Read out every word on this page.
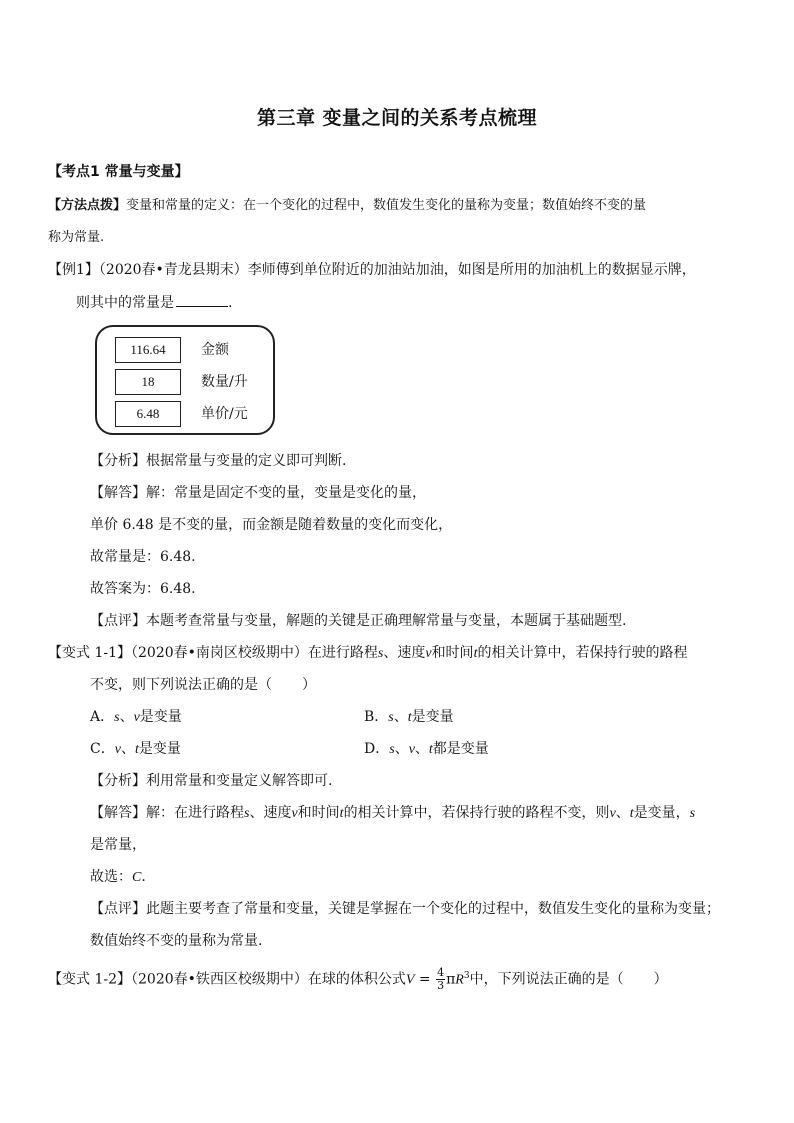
第三章 变量之间的关系考点梳理
【考点1 常量与变量】
【方法点拨】变量和常量的定义：在一个变化的过程中，数值发生变化的量称为变量；数值始终不变的量
称为常量.
【例1】（2020春•青龙县期末）李师傅到单位附近的加油站加油，如图是所用的加油机上的数据显示牌，
则其中的常量是	.
116.64	金额
18	数量/升
6.48	单价/元
【分析】根据常量与变量的定义即可判断.
【解答】解：常量是固定不变的量，变量是变化的量，
单价 6.48 是不变的量，而金额是随着数量的变化而变化，
故常量是：6.48.
故答案为：6.48.
【点评】本题考查常量与变量，解题的关键是正确理解常量与变量，本题属于基础题型.
【变式 1-1】（2020春•南岗区校级期中）在进行路程s、速度v和时间t的相关计算中，若保持行驶的路程
不变，则下列说法正确的是（ ）
A．s、v是变量	B．s、t是变量
C．v、t是变量	D．s、v、t都是变量
【分析】利用常量和变量定义解答即可.
【解答】解：在进行路程s、速度v和时间t的相关计算中，若保持行驶的路程不变，则v、t是变量，s
是常量，
故选：C.
【点评】此题主要考查了常量和变量，关键是掌握在一个变化的过程中，数值发生变化的量称为变量；
数值始终不变的量称为常量.
【变式 1-2】（2020春•铁西区校级期中）在球的体积公式$V = \frac{4}{3} \pi R^3$中，下列说法正确的是（ ）
